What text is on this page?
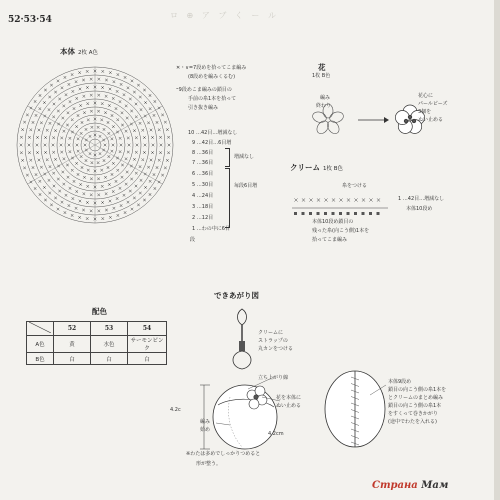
52·53·54	ロ ⊕ ア ブ く ー ル
本体 2枚 A色
✕・∨=7段めを拾ってこま編み
(8段めを編みくるむ)
⁼9段めこま編みの鎖目の
手前の糸1本を拾って
引き抜き編み
10 …42目…増減なし
9 …42目…6目増
8 …36目
7 …36目
6 …36目
5 …30目
4 …24目
3 …18目
2 …12目
1 …わの中に6目
段
増減なし
毎段6目増
花
1枚 B色
編み
終わり
花心に
パールビーズ
3個を
ぬい止める
クリーム 1枚 B色
糸をつける
1 …42目…増減なし
本体10段め
本体10段め鎖目の
残った糸(向こう側)1本を
拾ってこま編み
配色
	52	53	54
A色	黄	水色	サーモンピンク
B色	白	白	白
できあがり図
クリームに
ストラップの
丸カンをつける
立ち上がり線
花を本体に
ぬい止める
4.2c
編み
始め
4.2cm
※わたは多めでしっかりつめると
形が整う。
本体9段め
鎖目の向こう側の糸1本を
とクリームのまとめ編み
鎖目の向こう側の糸1本
をすくって巻きかがり
(途中でわたを入れる)
Страна Мам
